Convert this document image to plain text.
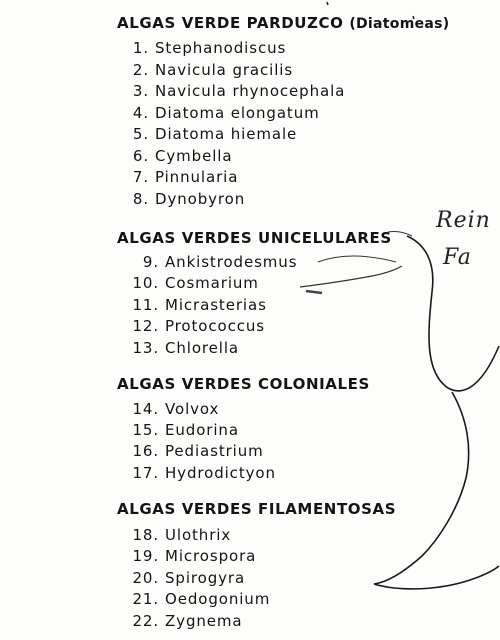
ALGAS VERDE PARDUZCO (Diatomeas)
1. Stephanodiscus
2. Navicula gracilis
3. Navicula rhynocephala
4. Diatoma elongatum
5. Diatoma hiemale
6. Cymbella
7. Pinnularia
8. Dynobyron
ALGAS VERDES UNICELULARES
9. Ankistrodesmus
10. Cosmarium
11. Micrasterias
12. Protococcus
13. Chlorella
ALGAS VERDES COLONIALES
14. Volvox
15. Eudorina
16. Pediastrium
17. Hydrodictyon
ALGAS VERDES FILAMENTOSAS
18. Ulothrix
19. Microspora
20. Spirogyra
21. Oedogonium
22. Zygnema
Rein
Fa
